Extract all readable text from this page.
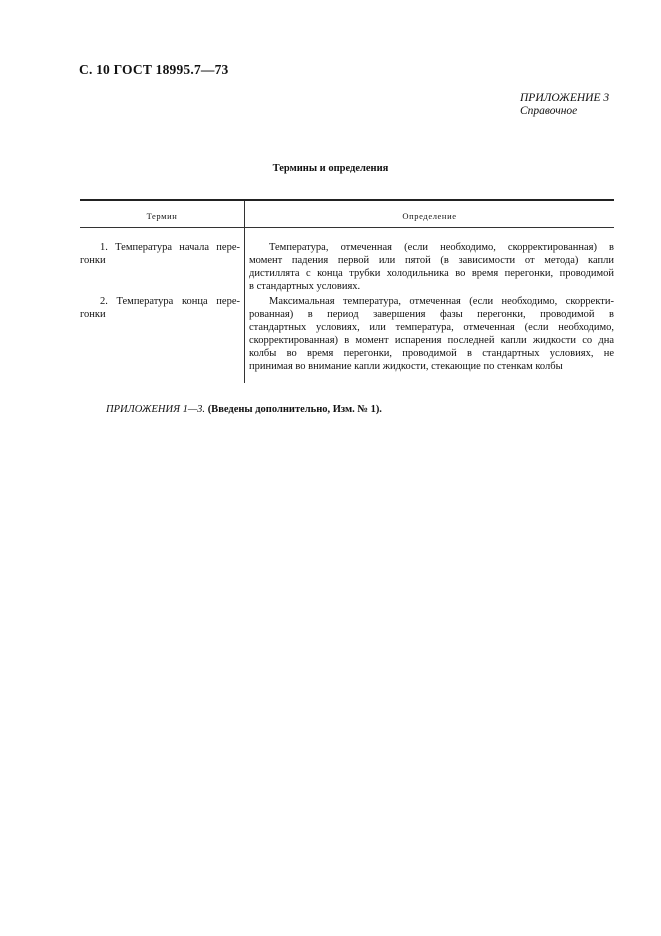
С. 10 ГОСТ 18995.7—73
ПРИЛОЖЕНИЕ 3
Справочное
Термины и определения
Термин	Определение
1. Температура начала пере-
гонки
Температура, отмеченная (если необходимо, скорректированная) в
момент падения первой или пятой (в зависимости от метода) капли
дистиллята с конца трубки холодильника во время перегонки, проводимой
в стандартных условиях.
2. Температура конца пере-
гонки
Максимальная температура, отмеченная (если необходимо, скорректи-
рованная) в период завершения фазы перегонки, проводимой в
стандартных условиях, или температура, отмеченная (если необходимо,
скорректированная) в момент испарения последней капли жидкости со дна
колбы во время перегонки, проводимой в стандартных условиях, не
принимая во внимание капли жидкости, стекающие по стенкам колбы
ПРИЛОЖЕНИЯ 1—3. (Введены дополнительно, Изм. № 1).
